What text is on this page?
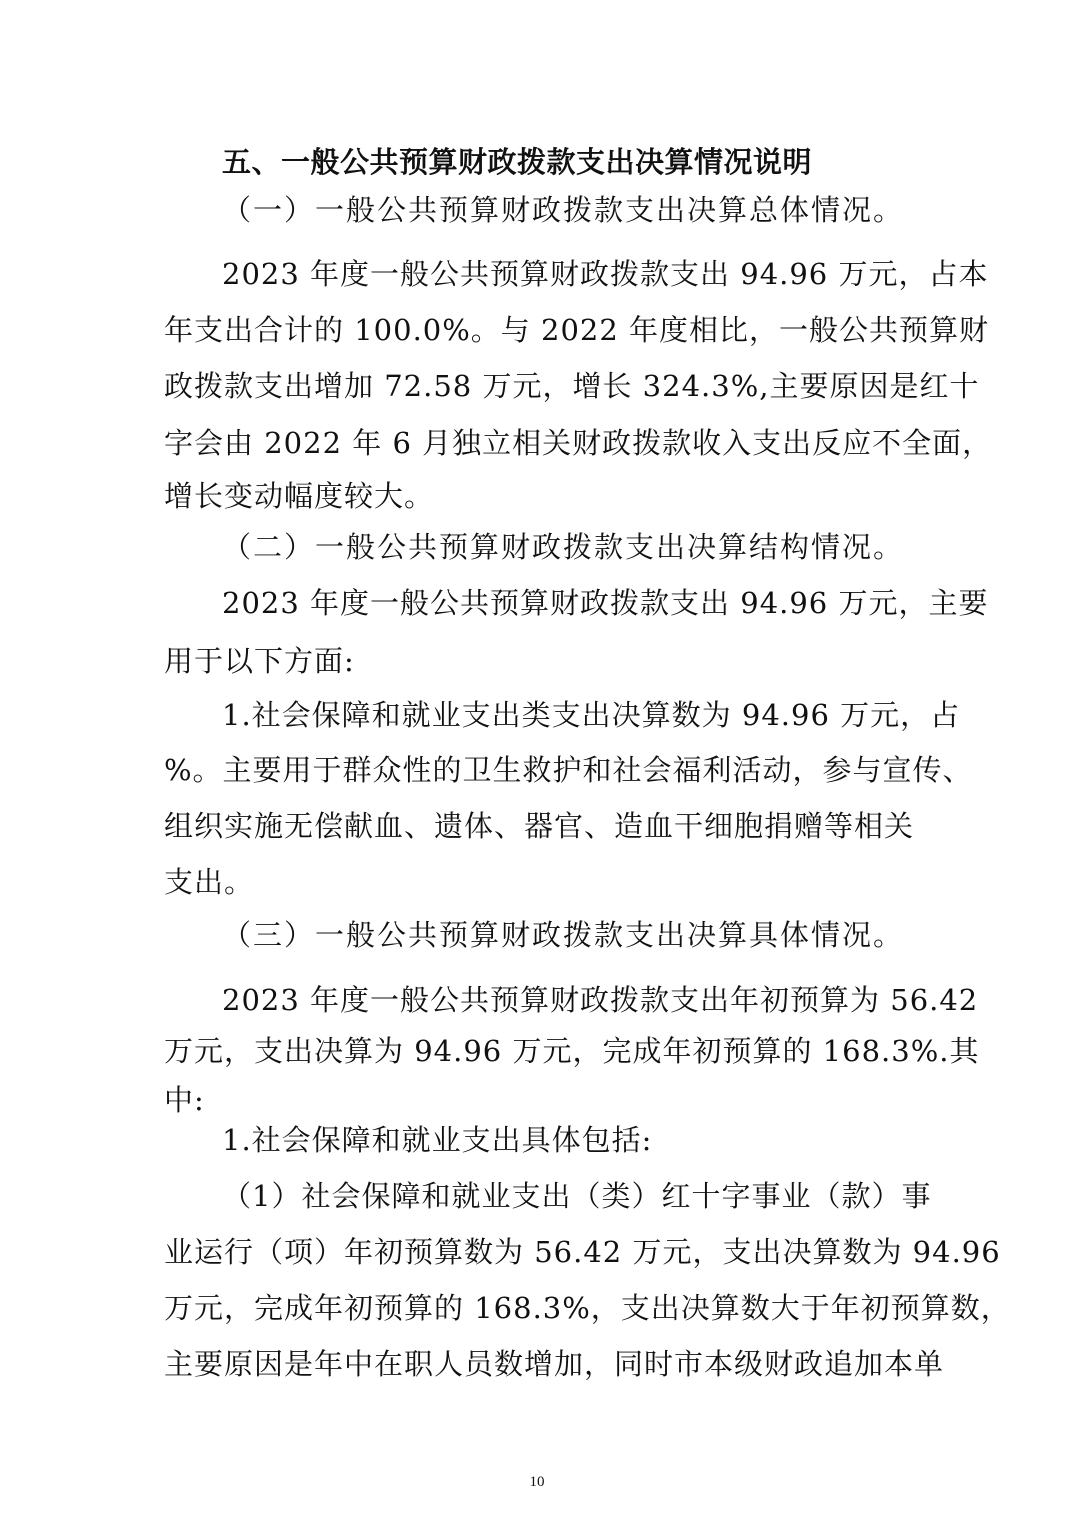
五、一般公共预算财政拨款支出决算情况说明
（一）一般公共预算财政拨款支出决算总体情况。
2023 年度一般公共预算财政拨款支出 94.96 万元，占本
年支出合计的 100.0%。与 2022 年度相比，一般公共预算财
政拨款支出增加 72.58 万元，增长 324.3%,主要原因是红十
字会由 2022 年 6 月独立相关财政拨款收入支出反应不全面，
增长变动幅度较大。
（二）一般公共预算财政拨款支出决算结构情况。
2023 年度一般公共预算财政拨款支出 94.96 万元，主要
用于以下方面:
1.社会保障和就业支出类支出决算数为 94.96 万元，占
%。主要用于群众性的卫生救护和社会福利活动，参与宣传、
组织实施无偿献血、遗体、器官、造血干细胞捐赠等相关
支出。
（三）一般公共预算财政拨款支出决算具体情况。
2023 年度一般公共预算财政拨款支出年初预算为 56.42
万元，支出决算为 94.96 万元，完成年初预算的 168.3%.其
中:
1.社会保障和就业支出具体包括:
（1）社会保障和就业支出（类）红十字事业（款）事
业运行（项）年初预算数为 56.42 万元，支出决算数为 94.96
万元，完成年初预算的 168.3%，支出决算数大于年初预算数，
主要原因是年中在职人员数增加，同时市本级财政追加本单
10
